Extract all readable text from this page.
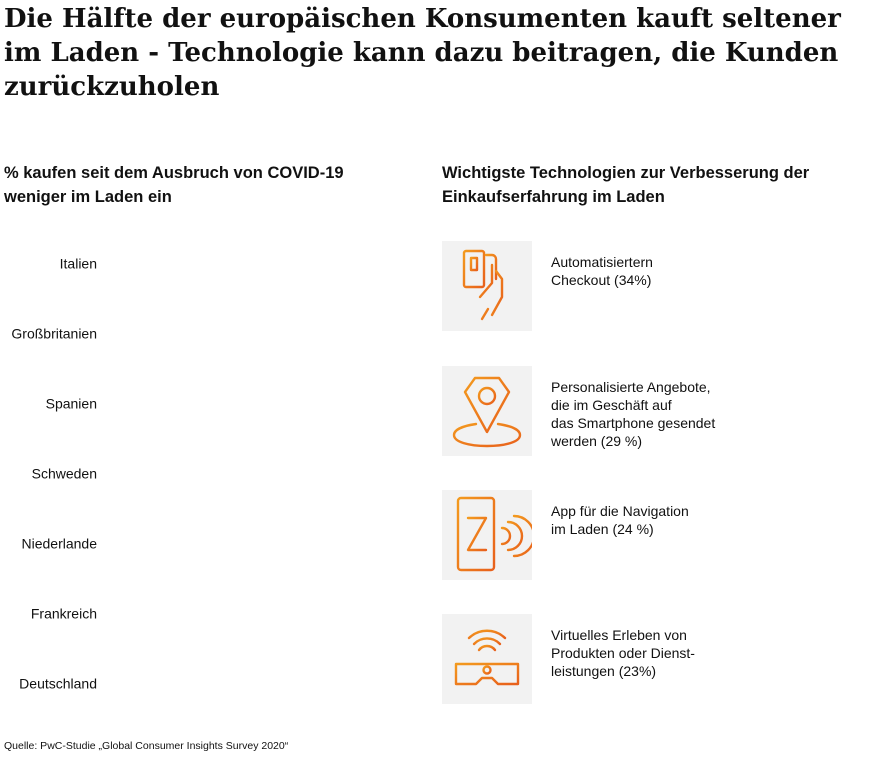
Die Hälfte der europäischen Konsumenten kauft seltener im Laden - Technologie kann dazu beitragen, die Kunden zurückzuholen
% kaufen seit dem Ausbruch von COVID-19 weniger im Laden ein
Wichtigste Technologien zur Verbesserung der Einkaufserfahrung im Laden
Italien
Großbritanien
Spanien
Schweden
Niederlande
Frankreich
Deutschland
Automatisiertern
Checkout (34%)
Personalisierte Angebote,
die im Geschäft auf
das Smartphone gesendet
werden (29 %)
App für die Navigation
im Laden (24 %)
Virtuelles Erleben von
Produkten oder Dienst-
leistungen (23%)
Quelle: PwC-Studie „Global Consumer Insights Survey 2020“
